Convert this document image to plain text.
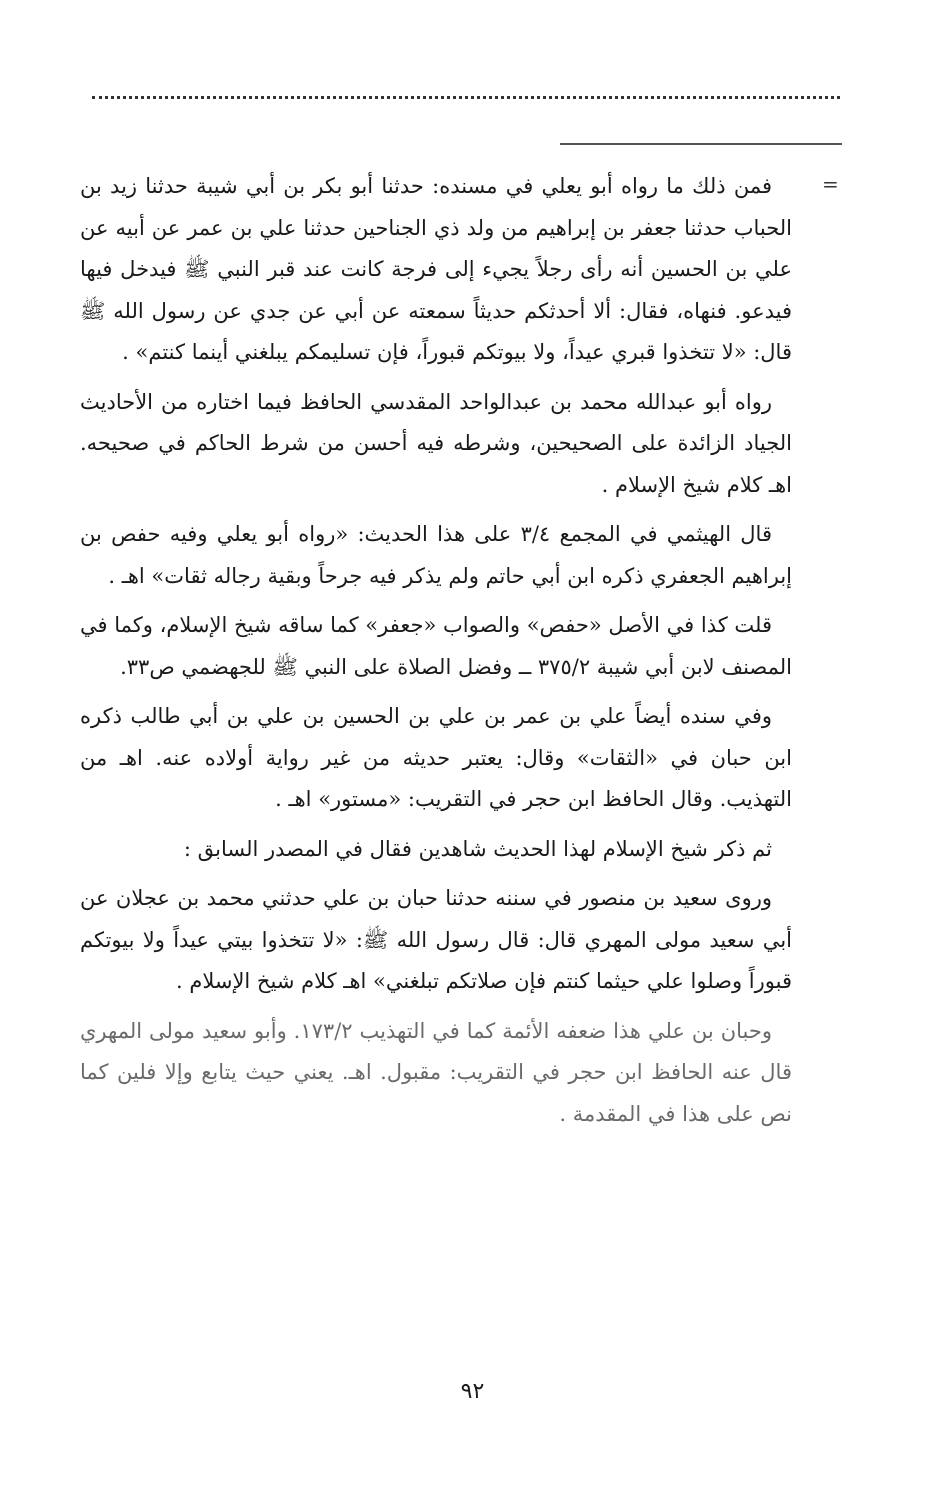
=

فمن ذلك ما رواه أبو يعلي في مسنده: حدثنا أبو بكر بن أبي شيبة حدثنا زيد بن الحباب حدثنا جعفر بن إبراهيم من ولد ذي الجناحين حدثنا علي بن عمر عن أبيه عن علي بن الحسين أنه رأى رجلاً يجيء إلى فرجة كانت عند قبر النبي ﷺ فيدخل فيها فيدعو. فنهاه، فقال: ألا أحدثكم حديثاً سمعته عن أبي عن جدي عن رسول الله ﷺ قال: «لا تتخذوا قبري عيداً، ولا بيوتكم قبوراً، فإن تسليمكم يبلغني أينما كنتم» .

رواه أبو عبدالله محمد بن عبدالواحد المقدسي الحافظ فيما اختاره من الأحاديث الجياد الزائدة على الصحيحين، وشرطه فيه أحسن من شرط الحاكم في صحيحه. اهـ كلام شيخ الإسلام .

قال الهيثمي في المجمع ٣/٤ على هذا الحديث: «رواه أبو يعلي وفيه حفص بن إبراهيم الجعفري ذكره ابن أبي حاتم ولم يذكر فيه جرحاً وبقية رجاله ثقات» اهـ .

قلت كذا في الأصل «حفص» والصواب «جعفر» كما ساقه شيخ الإسلام، وكما في المصنف لابن أبي شيبة ٣٧٥/٢ ــ وفضل الصلاة على النبي ﷺ للجهضمي ص٣٣.

وفي سنده أيضاً علي بن عمر بن علي بن الحسين بن علي بن أبي طالب ذكره ابن حبان في «الثقات» وقال: يعتبر حديثه من غير رواية أولاده عنه. اهـ من التهذيب. وقال الحافظ ابن حجر في التقريب: «مستور» اهـ .

ثم ذكر شيخ الإسلام لهذا الحديث شاهدين فقال في المصدر السابق :

وروى سعيد بن منصور في سننه حدثنا حبان بن علي حدثني محمد بن عجلان عن أبي سعيد مولى المهري قال: قال رسول الله ﷺ: «لا تتخذوا بيتي عيداً ولا بيوتكم قبوراً وصلوا علي حيثما كنتم فإن صلاتكم تبلغني» اهـ كلام شيخ الإسلام .

وحبان بن علي هذا ضعفه الأئمة كما في التهذيب ١٧٣/٢. وأبو سعيد مولى المهري قال عنه الحافظ ابن حجر في التقريب: مقبول. اهـ. يعني حيث يتابع وإلا فلين كما نص على هذا في المقدمة .

٩٢
